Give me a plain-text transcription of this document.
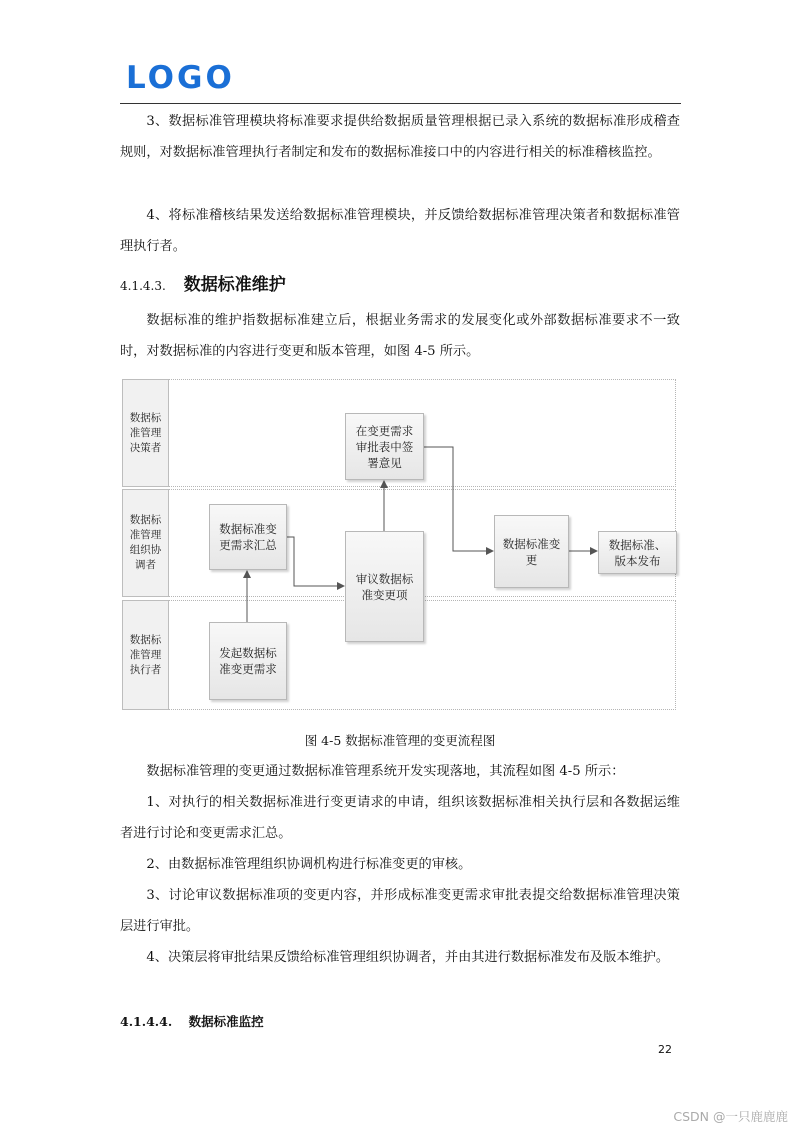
LOGO

3、数据标准管理模块将标准要求提供给数据质量管理根据已录入系统的数据标准形成稽查规则，对数据标准管理执行者制定和发布的数据标准接口中的内容进行相关的标准稽核监控。

4、将标准稽核结果发送给数据标准管理模块，并反馈给数据标准管理决策者和数据标准管理执行者。

4.1.4.3. 数据标准维护

数据标准的维护指数据标准建立后，根据业务需求的发展变化或外部数据标准要求不一致时，对数据标准的内容进行变更和版本管理，如图 4-5 所示。

数据标准管理决策者
数据标准管理组织协调者
数据标准管理执行者
在变更需求审批表中签署意见
数据标准变更需求汇总
审议数据标准变更项
数据标准变更
数据标准、版本发布
发起数据标准变更需求
图 4-5 数据标准管理的变更流程图

数据标准管理的变更通过数据标准管理系统开发实现落地，其流程如图 4-5 所示：

1、对执行的相关数据标准进行变更请求的申请，组织该数据标准相关执行层和各数据运维者进行讨论和变更需求汇总。

2、由数据标准管理组织协调机构进行标准变更的审核。

3、讨论审议数据标准项的变更内容，并形成标准变更需求审批表提交给数据标准管理决策层进行审批。

4、决策层将审批结果反馈给标准管理组织协调者，并由其进行数据标准发布及版本维护。

4.1.4.4. 数据标准监控
22
CSDN @一只鹿鹿鹿
